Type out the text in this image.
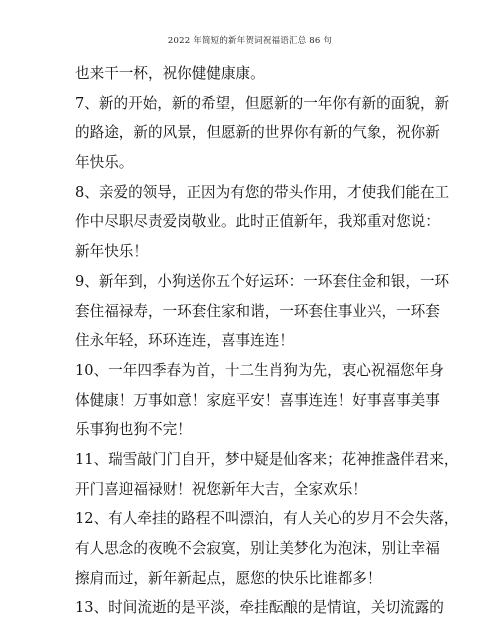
2022 年简短的新年贺词祝福语汇总 86 句
也来干一杯，祝你健健康康。
7、新的开始，新的希望，但愿新的一年你有新的面貌，新
的路途，新的风景，但愿新的世界你有新的气象，祝你新
年快乐。
8、亲爱的领导，正因为有您的带头作用，才使我们能在工
作中尽职尽责爱岗敬业。此时正值新年，我郑重对您说：
新年快乐！
9、新年到，小狗送你五个好运环：一环套住金和银，一环
套住福禄寿，一环套住家和谐，一环套住事业兴，一环套
住永年轻，环环连连，喜事连连！
10、一年四季春为首，十二生肖狗为先，衷心祝福您年身
体健康！万事如意！家庭平安！喜事连连！好事喜事美事
乐事狗也狗不完！
11、瑞雪敲门门自开，梦中疑是仙客来；花神推盏伴君来，
开门喜迎福禄财！祝您新年大吉，全家欢乐！
12、有人牵挂的路程不叫漂泊，有人关心的岁月不会失落，
有人思念的夜晚不会寂寞，别让美梦化为泡沫，别让幸福
擦肩而过，新年新起点，愿您的快乐比谁都多！
13、时间流逝的是平淡，牵挂酝酿的是情谊，关切流露的
